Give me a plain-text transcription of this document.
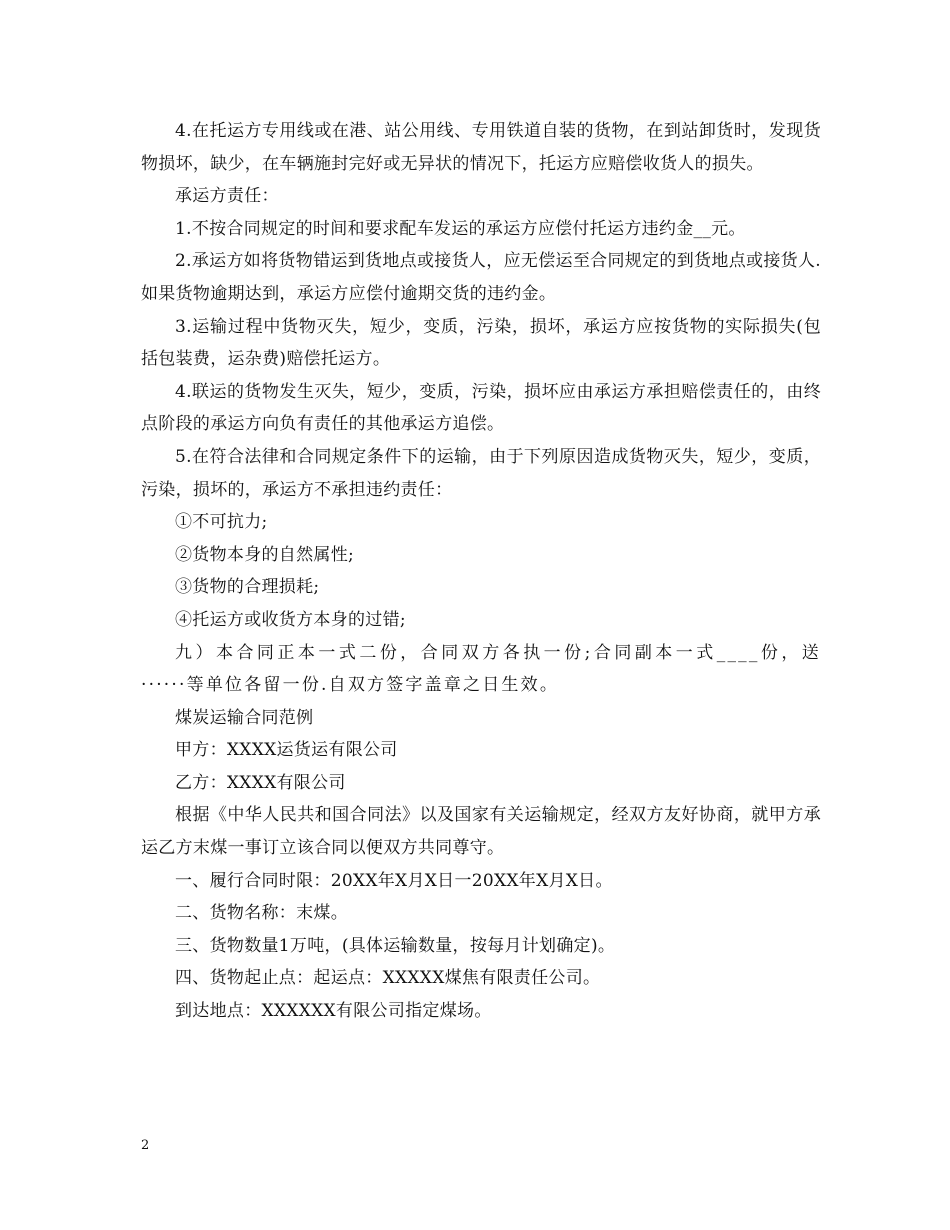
4.在托运方专用线或在港、站公用线、专用铁道自装的货物，在到站卸货时，发现货物损坏，缺少，在车辆施封完好或无异状的情况下，托运方应赔偿收货人的损失。

承运方责任：

1.不按合同规定的时间和要求配车发运的承运方应偿付托运方违约金__元。

2.承运方如将货物错运到货地点或接货人，应无偿运至合同规定的到货地点或接货人.如果货物逾期达到，承运方应偿付逾期交货的违约金。

3.运输过程中货物灭失，短少，变质，污染，损坏，承运方应按货物的实际损失(包括包装费，运杂费)赔偿托运方。

4.联运的货物发生灭失，短少，变质，污染，损坏应由承运方承担赔偿责任的，由终点阶段的承运方向负有责任的其他承运方追偿。

5.在符合法律和合同规定条件下的运输，由于下列原因造成货物灭失，短少，变质，污染，损坏的，承运方不承担违约责任：

①不可抗力;

②货物本身的自然属性;

③货物的合理损耗;

④托运方或收货方本身的过错;

九）本合同正本一式二份，合同双方各执一份;合同副本一式____份，送······等单位各留一份.自双方签字盖章之日生效。

煤炭运输合同范例

甲方：XXXX运货运有限公司

乙方：XXXX有限公司

根据《中华人民共和国合同法》以及国家有关运输规定，经双方友好协商，就甲方承运乙方末煤一事订立该合同以便双方共同尊守。

一、履行合同时限：20XX年X月X日一20XX年X月X日。

二、货物名称：末煤。

三、货物数量1万吨，(具体运输数量，按每月计划确定)。

四、货物起止点：起运点：XXXXX煤焦有限责任公司。

到达地点：XXXXXX有限公司指定煤场。

2
